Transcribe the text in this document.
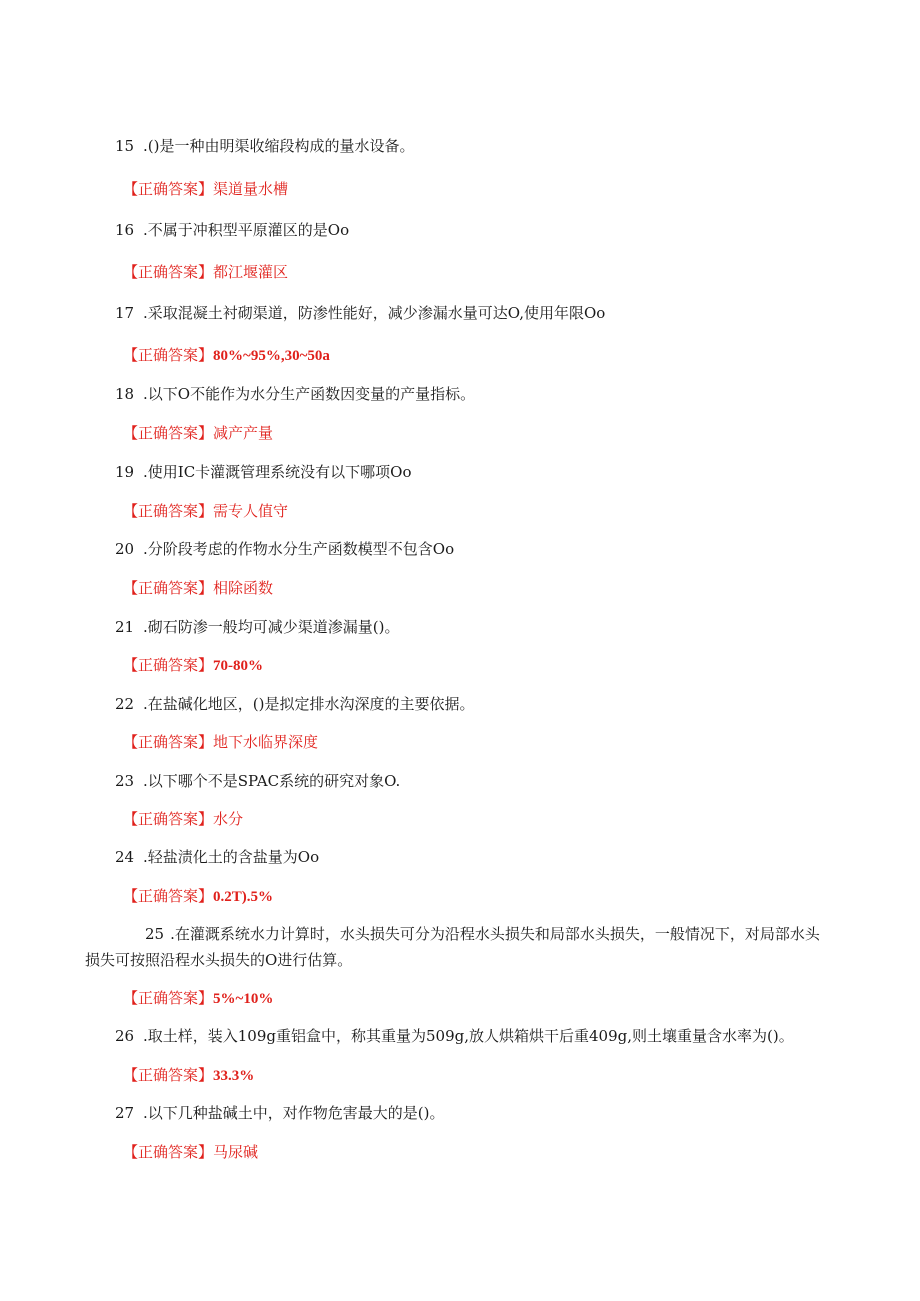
15 .()是一种由明渠收缩段构成的量水设备。
【正确答案】渠道量水槽
16 .不属于冲积型平原灌区的是Oo
【正确答案】都江堰灌区
17 .采取混凝土衬砌渠道，防渗性能好，减少渗漏水量可达O,使用年限Oo
【正确答案】80%~95%,30~50a
18 .以下O不能作为水分生产函数因变量的产量指标。
【正确答案】减产产量
19 .使用IC卡灌溉管理系统没有以下哪项Oo
【正确答案】需专人值守
20 .分阶段考虑的作物水分生产函数模型不包含Oo
【正确答案】相除函数
21 .砌石防渗一般均可减少渠道渗漏量()。
【正确答案】70-80%
22 .在盐碱化地区，()是拟定排水沟深度的主要依据。
【正确答案】地下水临界深度
23 .以下哪个不是SPAC系统的研究对象O.
【正确答案】水分
24 .轻盐渍化土的含盐量为Oo
【正确答案】0.2T).5%
25 .在灌溉系统水力计算时，水头损失可分为沿程水头损失和局部水头损失，一般情况下，对局部水头损失可按照沿程水头损失的O进行估算。
【正确答案】5%~10%
26 .取土样，装入109g重铝盒中，称其重量为509g,放人烘箱烘干后重409g,则土壤重量含水率为()。
【正确答案】33.3%
27 .以下几种盐碱土中，对作物危害最大的是()。
【正确答案】马尿碱
